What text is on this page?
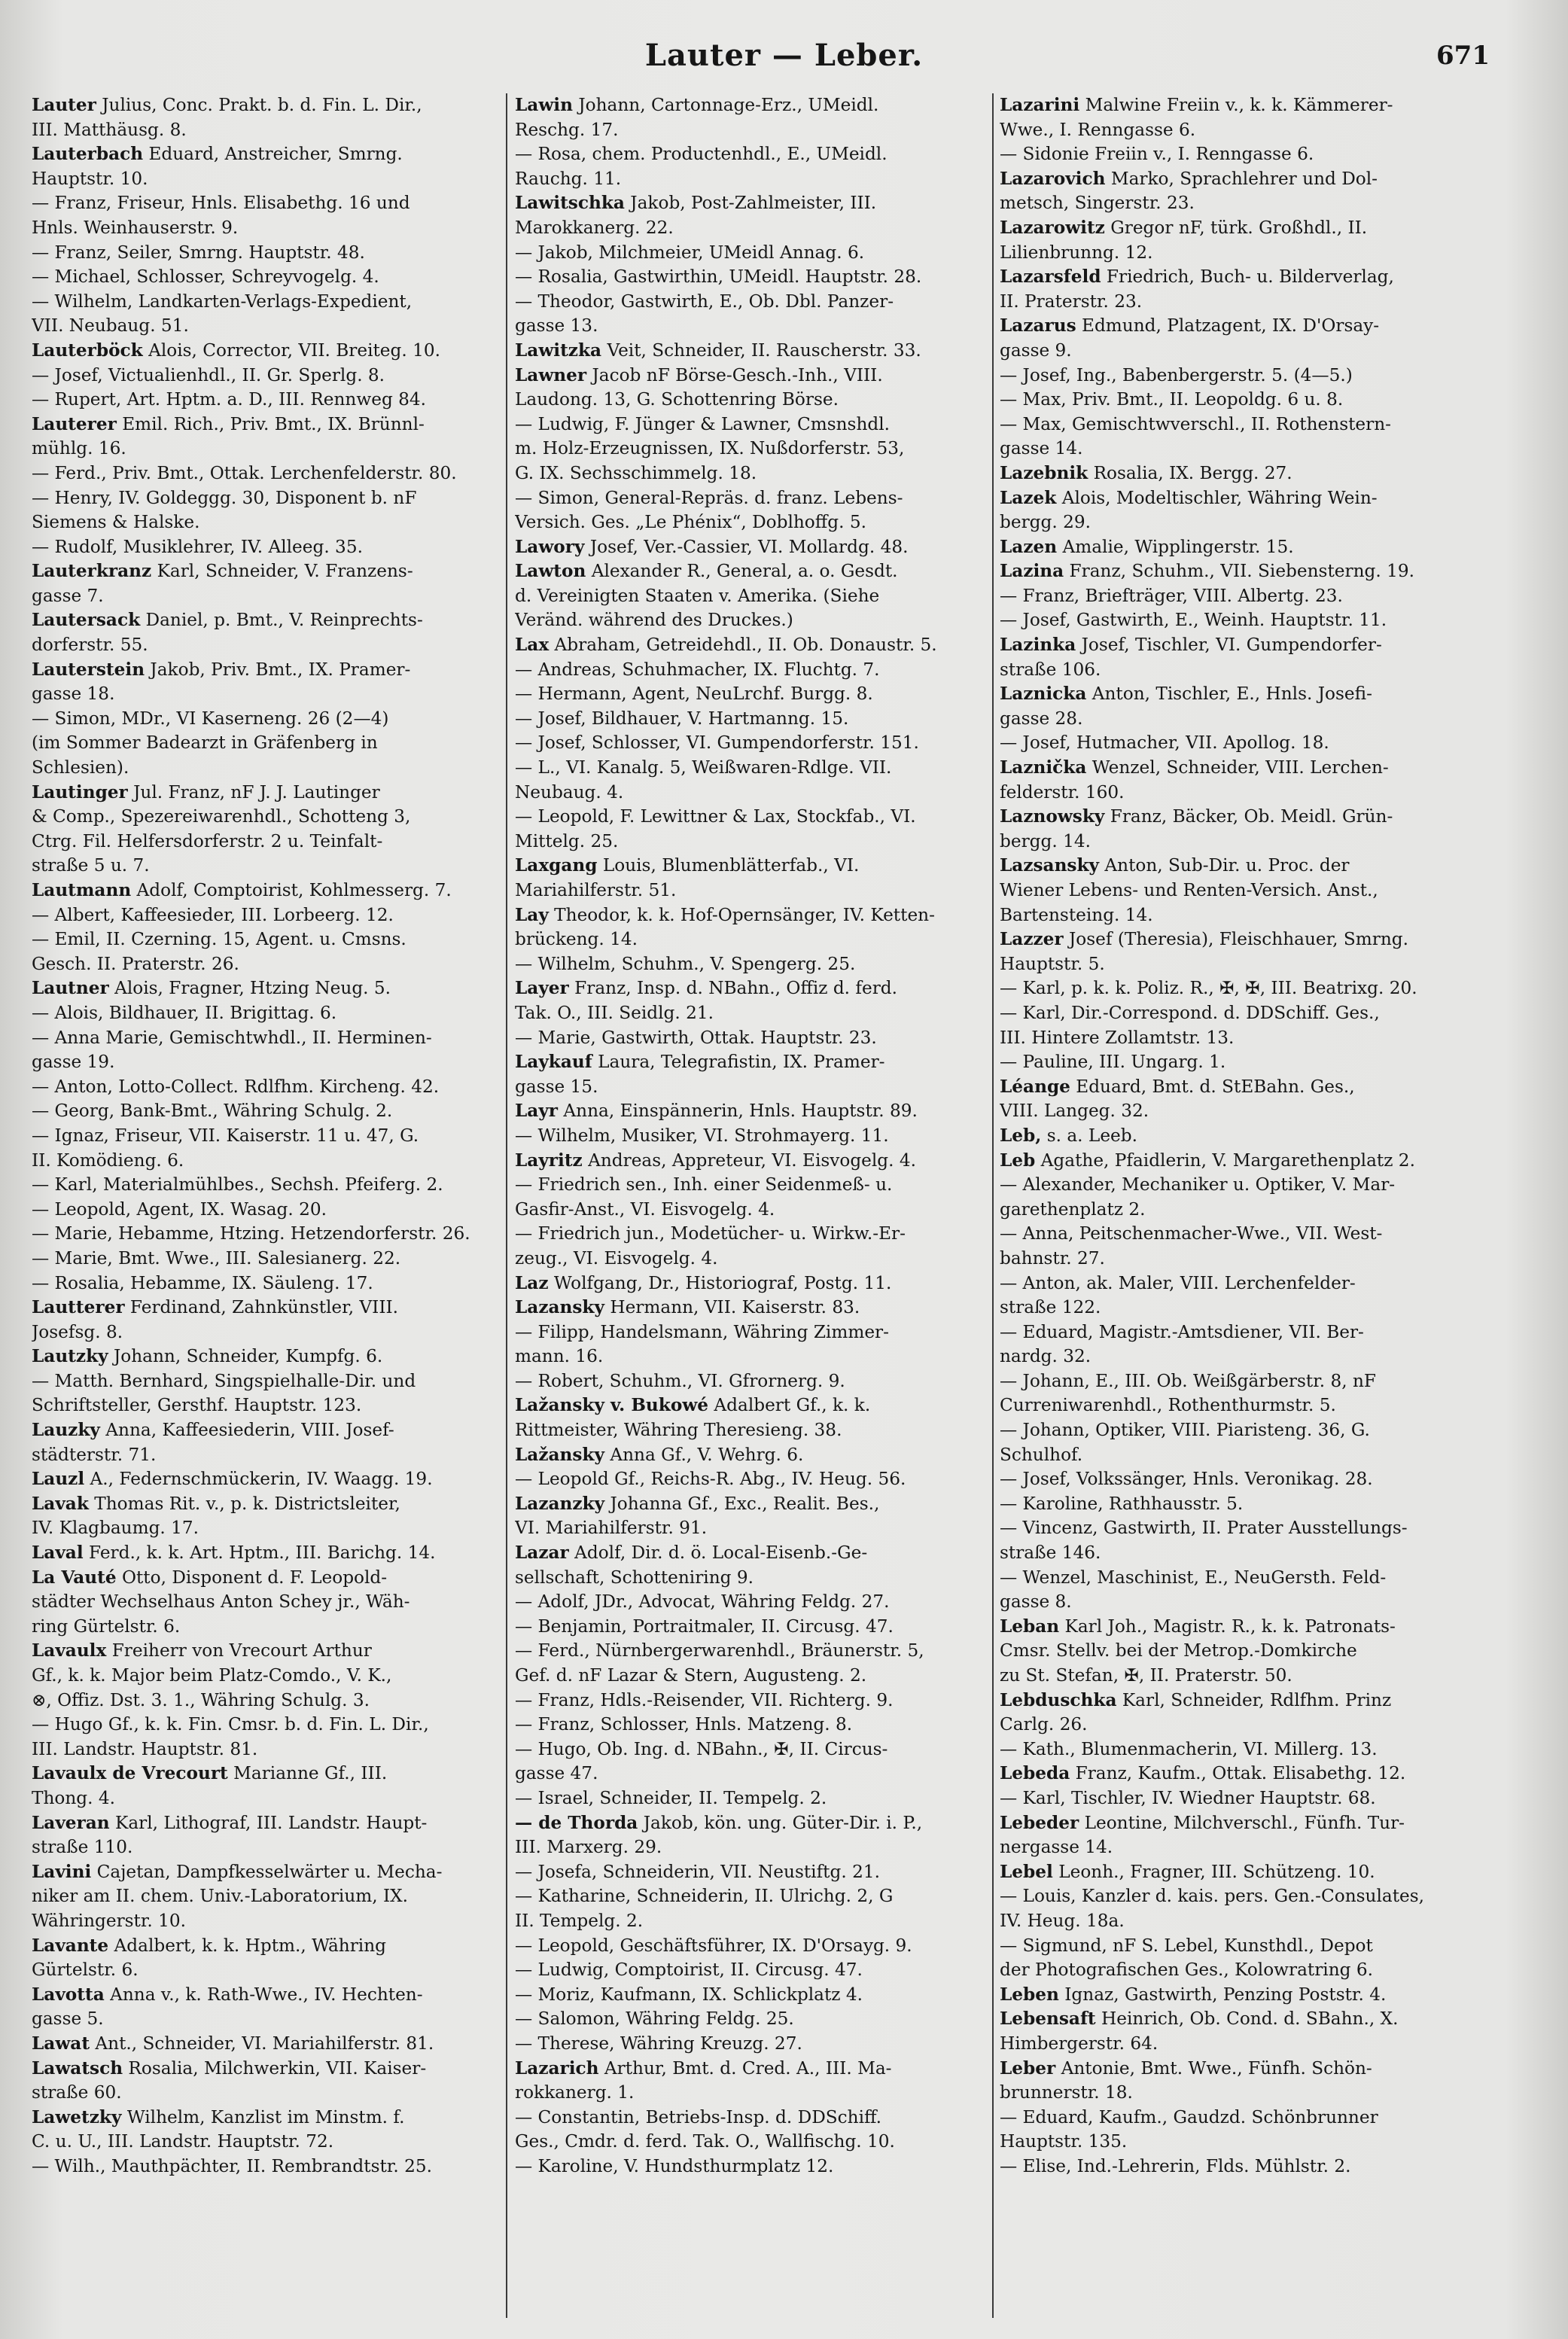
Lauter — Leber.	671
Lauter Julius, Conc. Prakt. b. d. Fin. L. Dir.,
III. Matthäusg. 8.
Lauterbach Eduard, Anstreicher, Smrng.
Hauptstr. 10.
— Franz, Friseur, Hnls. Elisabethg. 16 und
Hnls. Weinhauserstr. 9.
— Franz, Seiler, Smrng. Hauptstr. 48.
— Michael, Schlosser, Schreyvogelg. 4.
— Wilhelm, Landkarten-Verlags-Expedient,
VII. Neubaug. 51.
Lauterböck Alois, Corrector, VII. Breiteg. 10.
— Josef, Victualienhdl., II. Gr. Sperlg. 8.
— Rupert, Art. Hptm. a. D., III. Rennweg 84.
Lauterer Emil. Rich., Priv. Bmt., IX. Brünnl-
mühlg. 16.
— Ferd., Priv. Bmt., Ottak. Lerchenfelderstr. 80.
— Henry, IV. Goldeggg. 30, Disponent b. nF
Siemens & Halske.
— Rudolf, Musiklehrer, IV. Alleeg. 35.
Lauterkranz Karl, Schneider, V. Franzens-
gasse 7.
Lautersack Daniel, p. Bmt., V. Reinprechts-
dorferstr. 55.
Lauterstein Jakob, Priv. Bmt., IX. Pramer-
gasse 18.
— Simon, MDr., VI Kaserneng. 26 (2—4)
(im Sommer Badearzt in Gräfenberg in
Schlesien).
Lautinger Jul. Franz, nF J. J. Lautinger
& Comp., Spezereiwarenhdl., Schotteng 3,
Ctrg. Fil. Helfersdorferstr. 2 u. Teinfalt-
straße 5 u. 7.
Lautmann Adolf, Comptoirist, Kohlmesserg. 7.
— Albert, Kaffeesieder, III. Lorbeerg. 12.
— Emil, II. Czerning. 15, Agent. u. Cmsns.
Gesch. II. Praterstr. 26.
Lautner Alois, Fragner, Htzing Neug. 5.
— Alois, Bildhauer, II. Brigittag. 6.
— Anna Marie, Gemischtwhdl., II. Herminen-
gasse 19.
— Anton, Lotto-Collect. Rdlfhm. Kircheng. 42.
— Georg, Bank-Bmt., Währing Schulg. 2.
— Ignaz, Friseur, VII. Kaiserstr. 11 u. 47, G.
II. Komödieng. 6.
— Karl, Materialmühlbes., Sechsh. Pfeiferg. 2.
— Leopold, Agent, IX. Wasag. 20.
— Marie, Hebamme, Htzing. Hetzendorferstr. 26.
— Marie, Bmt. Wwe., III. Salesianerg. 22.
— Rosalia, Hebamme, IX. Säuleng. 17.
Lautterer Ferdinand, Zahnkünstler, VIII.
Josefsg. 8.
Lautzky Johann, Schneider, Kumpfg. 6.
— Matth. Bernhard, Singspielhalle-Dir. und
Schriftsteller, Gersthf. Hauptstr. 123.
Lauzky Anna, Kaffeesiederin, VIII. Josef-
städterstr. 71.
Lauzl A., Federnschmückerin, IV. Waagg. 19.
Lavak Thomas Rit. v., p. k. Districtsleiter,
IV. Klagbaumg. 17.
Laval Ferd., k. k. Art. Hptm., III. Barichg. 14.
La Vauté Otto, Disponent d. F. Leopold-
städter Wechselhaus Anton Schey jr., Wäh-
ring Gürtelstr. 6.
Lavaulx Freiherr von Vrecourt Arthur
Gf., k. k. Major beim Platz-Comdo., V. K.,
⊗, Offiz. Dst. 3. 1., Währing Schulg. 3.
— Hugo Gf., k. k. Fin. Cmsr. b. d. Fin. L. Dir.,
III. Landstr. Hauptstr. 81.
Lavaulx de Vrecourt Marianne Gf., III.
Thong. 4.
Laveran Karl, Lithograf, III. Landstr. Haupt-
straße 110.
Lavini Cajetan, Dampfkesselwärter u. Mecha-
niker am II. chem. Univ.-Laboratorium, IX.
Währingerstr. 10.
Lavante Adalbert, k. k. Hptm., Währing
Gürtelstr. 6.
Lavotta Anna v., k. Rath-Wwe., IV. Hechten-
gasse 5.
Lawat Ant., Schneider, VI. Mariahilferstr. 81.
Lawatsch Rosalia, Milchwerkin, VII. Kaiser-
straße 60.
Lawetzky Wilhelm, Kanzlist im Minstm. f.
C. u. U., III. Landstr. Hauptstr. 72.
— Wilh., Mauthpächter, II. Rembrandtstr. 25.
Lawin Johann, Cartonnage-Erz., UMeidl.
Reschg. 17.
— Rosa, chem. Productenhdl., E., UMeidl.
Rauchg. 11.
Lawitschka Jakob, Post-Zahlmeister, III.
Marokkanerg. 22.
— Jakob, Milchmeier, UMeidl Annag. 6.
— Rosalia, Gastwirthin, UMeidl. Hauptstr. 28.
— Theodor, Gastwirth, E., Ob. Dbl. Panzer-
gasse 13.
Lawitzka Veit, Schneider, II. Rauscherstr. 33.
Lawner Jacob nF Börse-Gesch.-Inh., VIII.
Laudong. 13, G. Schottenring Börse.
— Ludwig, F. Jünger & Lawner, Cmsnshdl.
m. Holz-Erzeugnissen, IX. Nußdorferstr. 53,
G. IX. Sechsschimmelg. 18.
— Simon, General-Repräs. d. franz. Lebens-
Versich. Ges. „Le Phénix“, Doblhoffg. 5.
Lawory Josef, Ver.-Cassier, VI. Mollardg. 48.
Lawton Alexander R., General, a. o. Gesdt.
d. Vereinigten Staaten v. Amerika. (Siehe
Veränd. während des Druckes.)
Lax Abraham, Getreidehdl., II. Ob. Donaustr. 5.
— Andreas, Schuhmacher, IX. Fluchtg. 7.
— Hermann, Agent, NeuLrchf. Burgg. 8.
— Josef, Bildhauer, V. Hartmanng. 15.
— Josef, Schlosser, VI. Gumpendorferstr. 151.
— L., VI. Kanalg. 5, Weißwaren-Rdlge. VII.
Neubaug. 4.
— Leopold, F. Lewittner & Lax, Stockfab., VI.
Mittelg. 25.
Laxgang Louis, Blumenblätterfab., VI.
Mariahilferstr. 51.
Lay Theodor, k. k. Hof-Opernsänger, IV. Ketten-
brückeng. 14.
— Wilhelm, Schuhm., V. Spengerg. 25.
Layer Franz, Insp. d. NBahn., Offiz d. ferd.
Tak. O., III. Seidlg. 21.
— Marie, Gastwirth, Ottak. Hauptstr. 23.
Laykauf Laura, Telegrafistin, IX. Pramer-
gasse 15.
Layr Anna, Einspännerin, Hnls. Hauptstr. 89.
— Wilhelm, Musiker, VI. Strohmayerg. 11.
Layritz Andreas, Appreteur, VI. Eisvogelg. 4.
— Friedrich sen., Inh. einer Seidenmeß- u.
Gasfir-Anst., VI. Eisvogelg. 4.
— Friedrich jun., Modetücher- u. Wirkw.-Er-
zeug., VI. Eisvogelg. 4.
Laz Wolfgang, Dr., Historiograf, Postg. 11.
Lazansky Hermann, VII. Kaiserstr. 83.
— Filipp, Handelsmann, Währing Zimmer-
mann. 16.
— Robert, Schuhm., VI. Gfrornerg. 9.
Lažansky v. Bukowé Adalbert Gf., k. k.
Rittmeister, Währing Theresieng. 38.
Lažansky Anna Gf., V. Wehrg. 6.
— Leopold Gf., Reichs-R. Abg., IV. Heug. 56.
Lazanzky Johanna Gf., Exc., Realit. Bes.,
VI. Mariahilferstr. 91.
Lazar Adolf, Dir. d. ö. Local-Eisenb.-Ge-
sellschaft, Schotteniring 9.
— Adolf, JDr., Advocat, Währing Feldg. 27.
— Benjamin, Portraitmaler, II. Circusg. 47.
— Ferd., Nürnbergerwarenhdl., Bräunerstr. 5,
Gef. d. nF Lazar & Stern, Augusteng. 2.
— Franz, Hdls.-Reisender, VII. Richterg. 9.
— Franz, Schlosser, Hnls. Matzeng. 8.
— Hugo, Ob. Ing. d. NBahn., ✠, II. Circus-
gasse 47.
— Israel, Schneider, II. Tempelg. 2.
— de Thorda Jakob, kön. ung. Güter-Dir. i. P.,
III. Marxerg. 29.
— Josefa, Schneiderin, VII. Neustiftg. 21.
— Katharine, Schneiderin, II. Ulrichg. 2, G
II. Tempelg. 2.
— Leopold, Geschäftsführer, IX. D'Orsayg. 9.
— Ludwig, Comptoirist, II. Circusg. 47.
— Moriz, Kaufmann, IX. Schlickplatz 4.
— Salomon, Währing Feldg. 25.
— Therese, Währing Kreuzg. 27.
Lazarich Arthur, Bmt. d. Cred. A., III. Ma-
rokkanerg. 1.
— Constantin, Betriebs-Insp. d. DDSchiff.
Ges., Cmdr. d. ferd. Tak. O., Wallfischg. 10.
— Karoline, V. Hundsthurmplatz 12.
Lazarini Malwine Freiin v., k. k. Kämmerer-
Wwe., I. Renngasse 6.
— Sidonie Freiin v., I. Renngasse 6.
Lazarovich Marko, Sprachlehrer und Dol-
metsch, Singerstr. 23.
Lazarowitz Gregor nF, türk. Großhdl., II.
Lilienbrunng. 12.
Lazarsfeld Friedrich, Buch- u. Bilderverlag,
II. Praterstr. 23.
Lazarus Edmund, Platzagent, IX. D'Orsay-
gasse 9.
— Josef, Ing., Babenbergerstr. 5. (4—5.)
— Max, Priv. Bmt., II. Leopoldg. 6 u. 8.
— Max, Gemischtwverschl., II. Rothenstern-
gasse 14.
Lazebnik Rosalia, IX. Bergg. 27.
Lazek Alois, Modeltischler, Währing Wein-
bergg. 29.
Lazen Amalie, Wipplingerstr. 15.
Lazina Franz, Schuhm., VII. Siebensterng. 19.
— Franz, Briefträger, VIII. Albertg. 23.
— Josef, Gastwirth, E., Weinh. Hauptstr. 11.
Lazinka Josef, Tischler, VI. Gumpendorfer-
straße 106.
Laznicka Anton, Tischler, E., Hnls. Josefi-
gasse 28.
— Josef, Hutmacher, VII. Apollog. 18.
Laznička Wenzel, Schneider, VIII. Lerchen-
felderstr. 160.
Laznowsky Franz, Bäcker, Ob. Meidl. Grün-
bergg. 14.
Lazsansky Anton, Sub-Dir. u. Proc. der
Wiener Lebens- und Renten-Versich. Anst.,
Bartensteing. 14.
Lazzer Josef (Theresia), Fleischhauer, Smrng.
Hauptstr. 5.
— Karl, p. k. k. Poliz. R., ✠, ✠, III. Beatrixg. 20.
— Karl, Dir.-Correspond. d. DDSchiff. Ges.,
III. Hintere Zollamtstr. 13.
— Pauline, III. Ungarg. 1.
Léange Eduard, Bmt. d. StEBahn. Ges.,
VIII. Langeg. 32.
Leb, s. a. Leeb.
Leb Agathe, Pfaidlerin, V. Margarethenplatz 2.
— Alexander, Mechaniker u. Optiker, V. Mar-
garethenplatz 2.
— Anna, Peitschenmacher-Wwe., VII. West-
bahnstr. 27.
— Anton, ak. Maler, VIII. Lerchenfelder-
straße 122.
— Eduard, Magistr.-Amtsdiener, VII. Ber-
nardg. 32.
— Johann, E., III. Ob. Weißgärberstr. 8, nF
Curreniwarenhdl., Rothenthurmstr. 5.
— Johann, Optiker, VIII. Piaristeng. 36, G.
Schulhof.
— Josef, Volkssänger, Hnls. Veronikag. 28.
— Karoline, Rathhausstr. 5.
— Vincenz, Gastwirth, II. Prater Ausstellungs-
straße 146.
— Wenzel, Maschinist, E., NeuGersth. Feld-
gasse 8.
Leban Karl Joh., Magistr. R., k. k. Patronats-
Cmsr. Stellv. bei der Metrop.-Domkirche
zu St. Stefan, ✠, II. Praterstr. 50.
Lebduschka Karl, Schneider, Rdlfhm. Prinz
Carlg. 26.
— Kath., Blumenmacherin, VI. Millerg. 13.
Lebeda Franz, Kaufm., Ottak. Elisabethg. 12.
— Karl, Tischler, IV. Wiedner Hauptstr. 68.
Lebeder Leontine, Milchverschl., Fünfh. Tur-
nergasse 14.
Lebel Leonh., Fragner, III. Schützeng. 10.
— Louis, Kanzler d. kais. pers. Gen.-Consulates,
IV. Heug. 18a.
— Sigmund, nF S. Lebel, Kunsthdl., Depot
der Photografischen Ges., Kolowratring 6.
Leben Ignaz, Gastwirth, Penzing Poststr. 4.
Lebensaft Heinrich, Ob. Cond. d. SBahn., X.
Himbergerstr. 64.
Leber Antonie, Bmt. Wwe., Fünfh. Schön-
brunnerstr. 18.
— Eduard, Kaufm., Gaudzd. Schönbrunner
Hauptstr. 135.
— Elise, Ind.-Lehrerin, Flds. Mühlstr. 2.
